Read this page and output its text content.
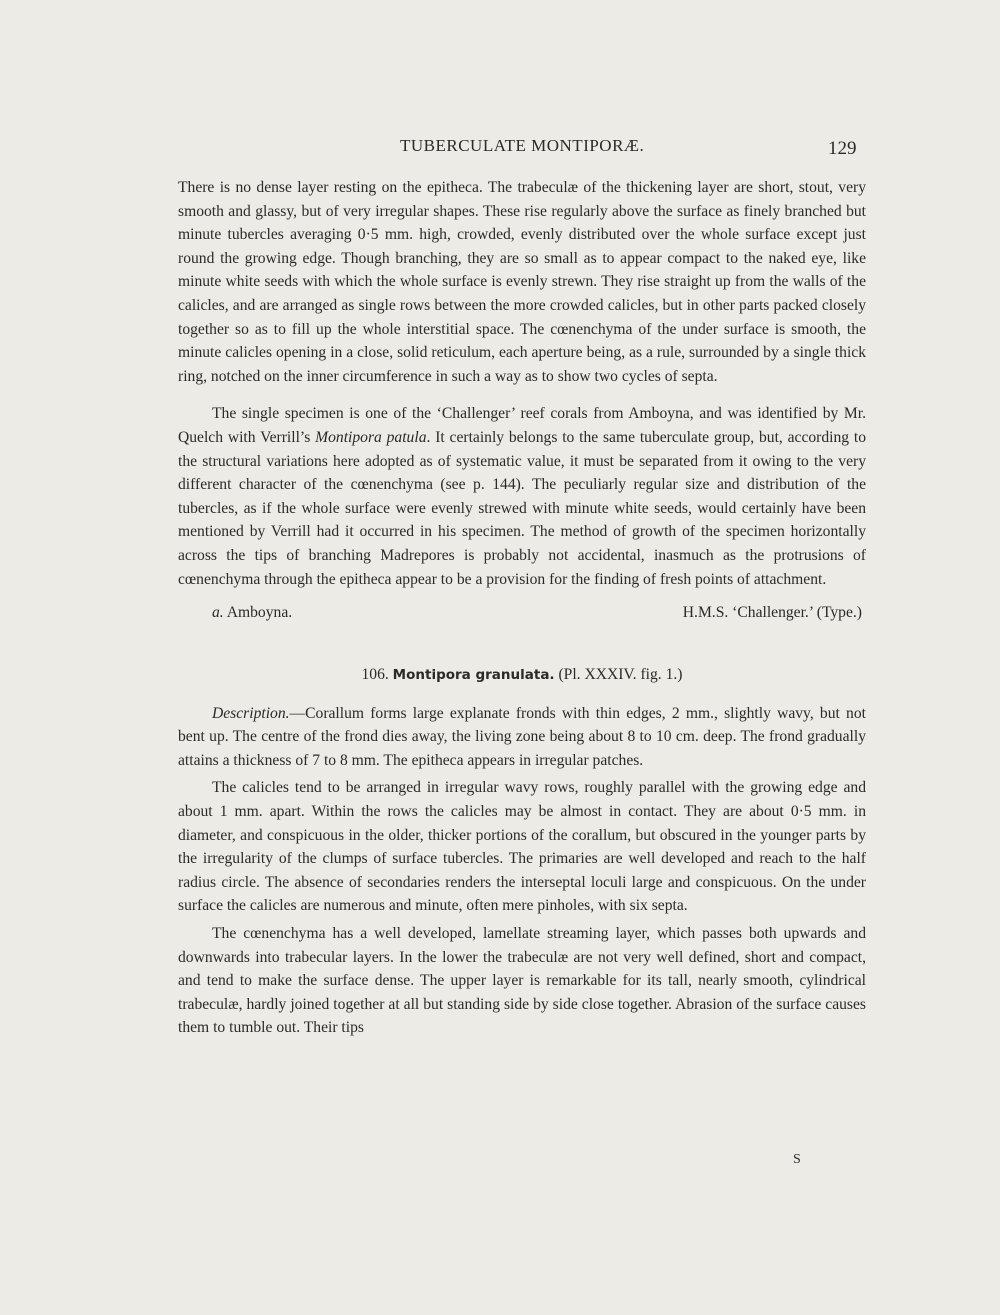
TUBERCULATE MONTIPORÆ.	129

There is no dense layer resting on the epitheca. The trabeculæ of the thickening layer are short, stout, very smooth and glassy, but of very irregular shapes. These rise regularly above the surface as finely branched but minute tubercles averaging 0·5 mm. high, crowded, evenly distributed over the whole surface except just round the growing edge. Though branching, they are so small as to appear compact to the naked eye, like minute white seeds with which the whole surface is evenly strewn. They rise straight up from the walls of the calicles, and are arranged as single rows between the more crowded calicles, but in other parts packed closely together so as to fill up the whole interstitial space. The cœnenchyma of the under surface is smooth, the minute calicles opening in a close, solid reticulum, each aperture being, as a rule, surrounded by a single thick ring, notched on the inner circumference in such a way as to show two cycles of septa.

The single specimen is one of the ‘Challenger’ reef corals from Amboyna, and was identified by Mr. Quelch with Verrill’s Montipora patula. It certainly belongs to the same tuberculate group, but, according to the structural variations here adopted as of systematic value, it must be separated from it owing to the very different character of the cœnenchyma (see p. 144). The peculiarly regular size and distribution of the tubercles, as if the whole surface were evenly strewed with minute white seeds, would certainly have been mentioned by Verrill had it occurred in his specimen. The method of growth of the specimen horizontally across the tips of branching Madrepores is probably not accidental, inasmuch as the protrusions of cœnenchyma through the epitheca appear to be a provision for the finding of fresh points of attachment.

a. Amboyna.	H.M.S. ‘Challenger.’ (Type.)
106. Montipora granulata. (Pl. XXXIV. fig. 1.)

Description.—Corallum forms large explanate fronds with thin edges, 2 mm., slightly wavy, but not bent up. The centre of the frond dies away, the living zone being about 8 to 10 cm. deep. The frond gradually attains a thickness of 7 to 8 mm. The epitheca appears in irregular patches.

The calicles tend to be arranged in irregular wavy rows, roughly parallel with the growing edge and about 1 mm. apart. Within the rows the calicles may be almost in contact. They are about 0·5 mm. in diameter, and conspicuous in the older, thicker portions of the corallum, but obscured in the younger parts by the irregularity of the clumps of surface tubercles. The primaries are well developed and reach to the half radius circle. The absence of secondaries renders the interseptal loculi large and conspicuous. On the under surface the calicles are numerous and minute, often mere pinholes, with six septa.

The cœnenchyma has a well developed, lamellate streaming layer, which passes both upwards and downwards into trabecular layers. In the lower the trabeculæ are not very well defined, short and compact, and tend to make the surface dense. The upper layer is remarkable for its tall, nearly smooth, cylindrical trabeculæ, hardly joined together at all but standing side by side close together. Abrasion of the surface causes them to tumble out. Their tips

S
